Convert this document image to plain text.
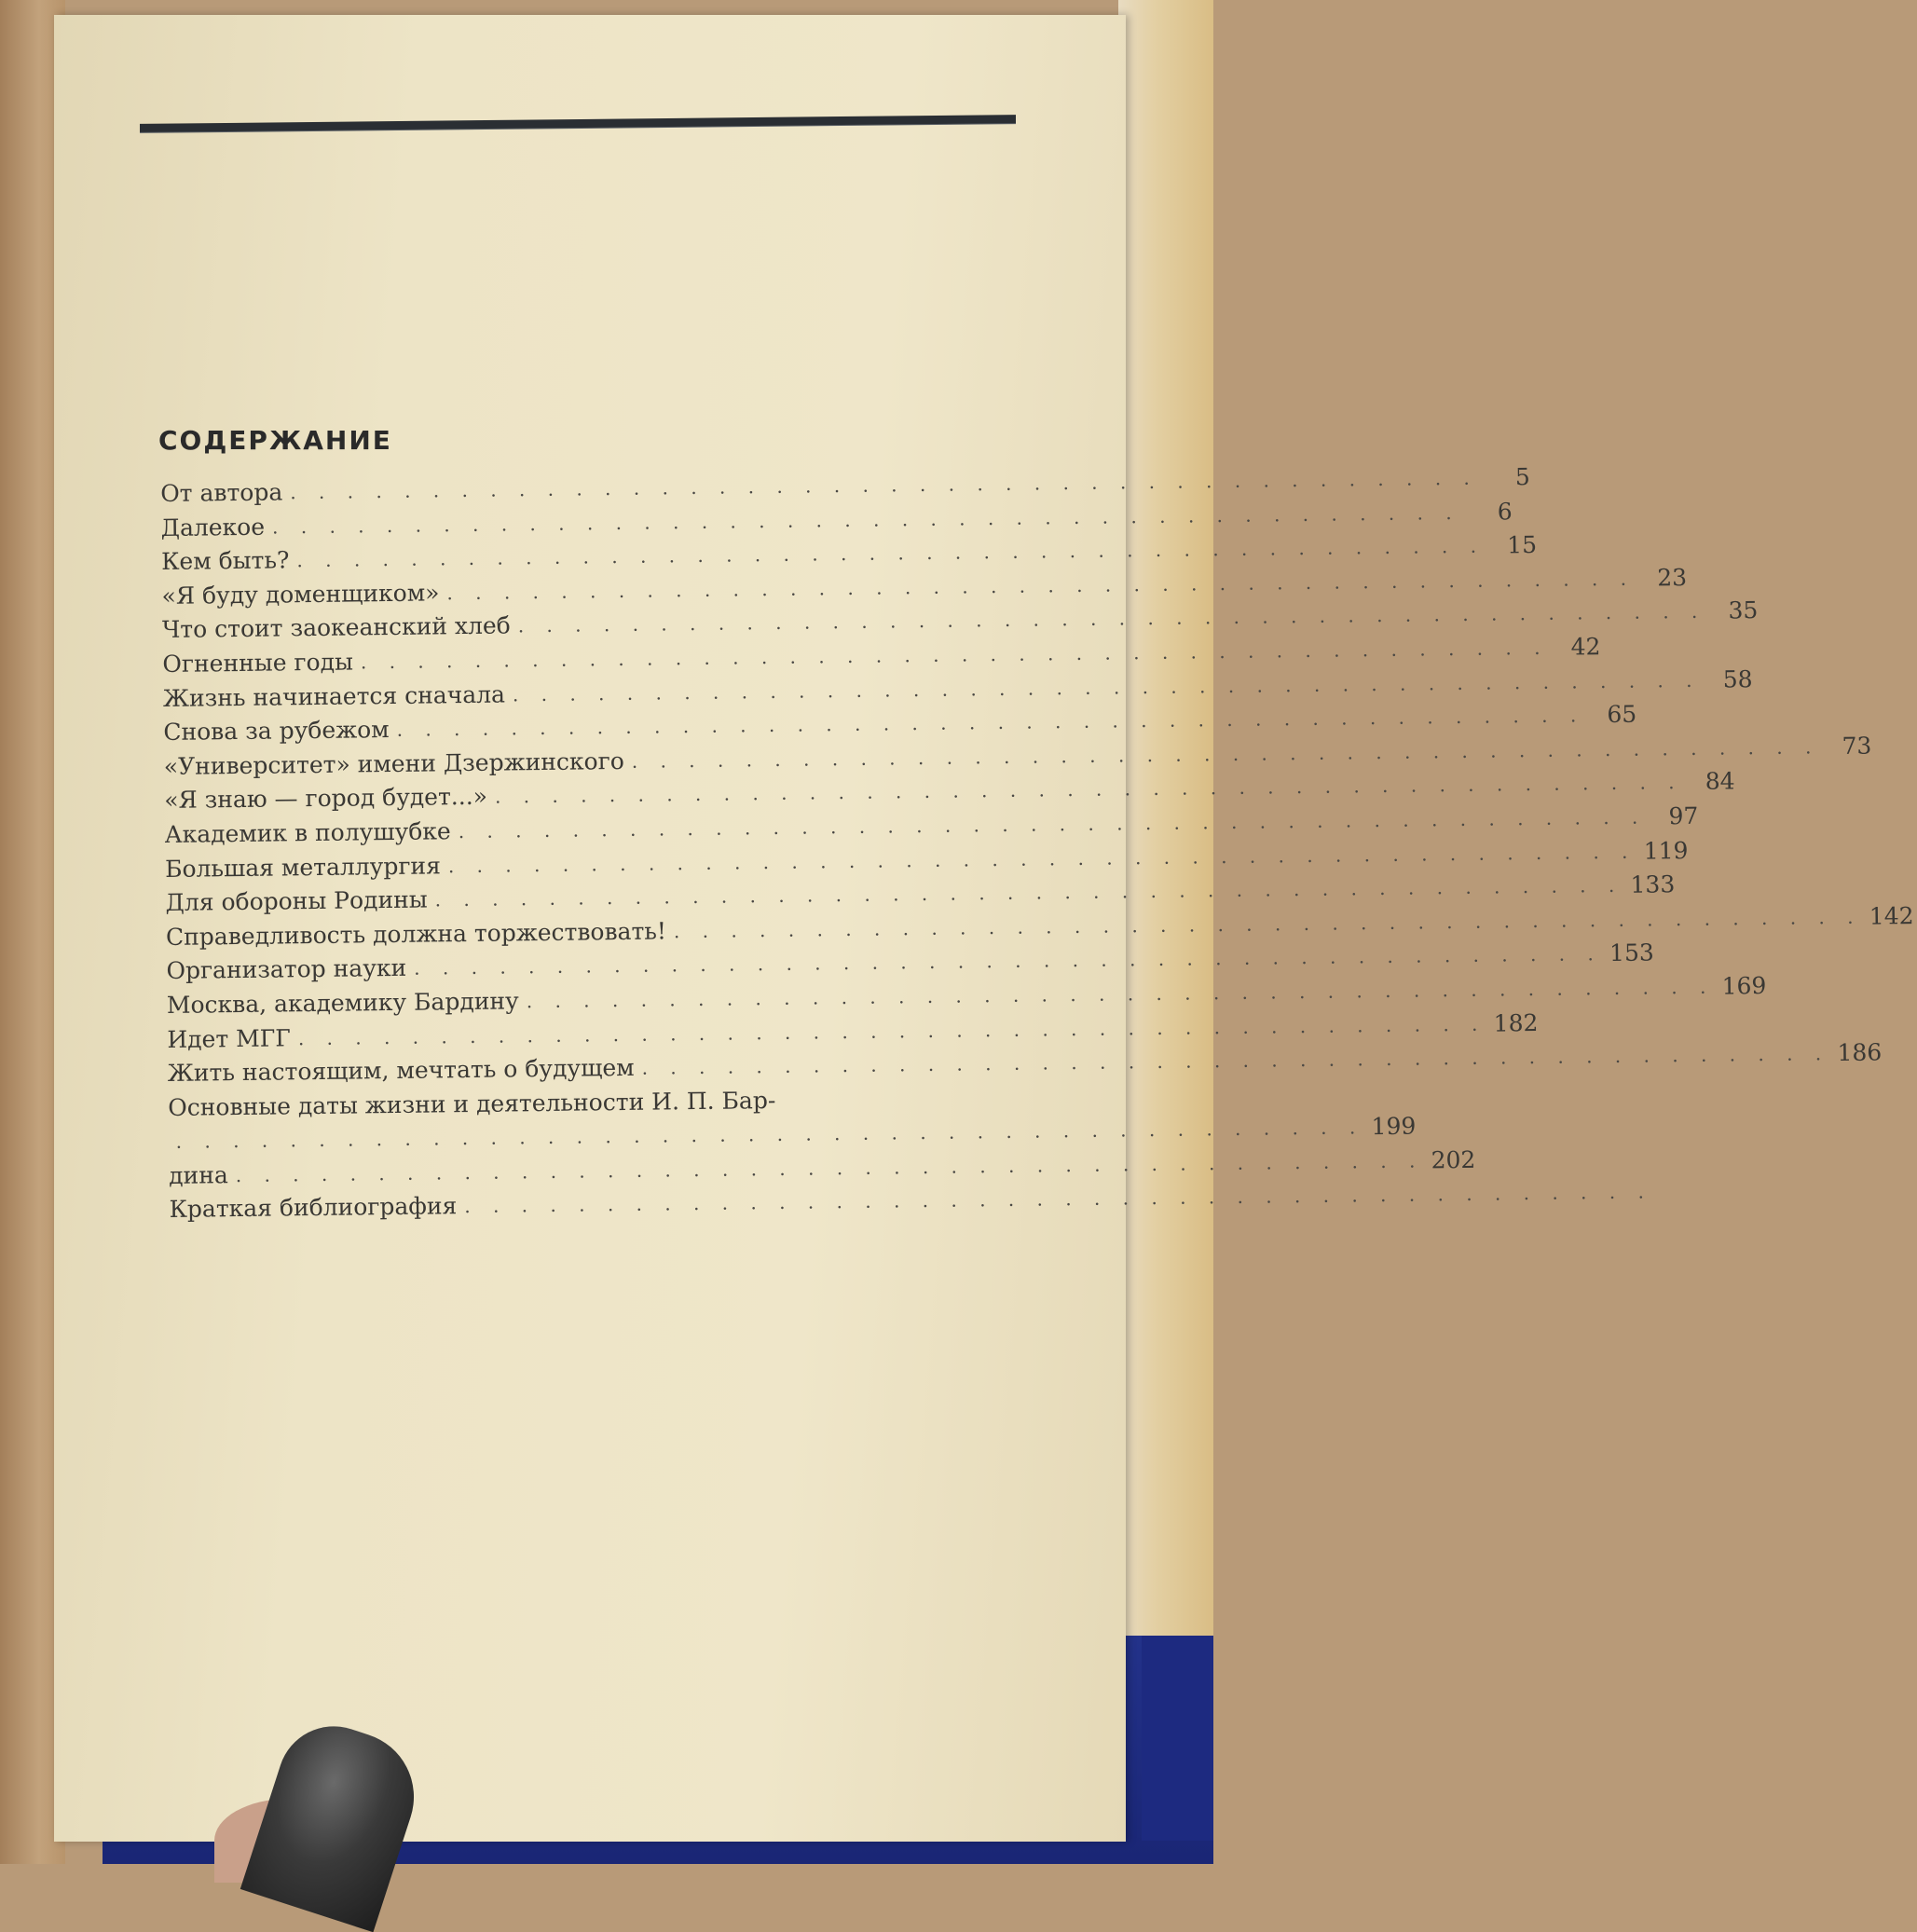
СОДЕРЖАНИЕ
От автора . . . . . . . . . . . . . . . . . . . . . . . . . . . . . . . . . . . . . . . . . .	5
Далекое . . . . . . . . . . . . . . . . . . . . . . . . . . . . . . . . . . . . . . . . . .	6
Кем быть? . . . . . . . . . . . . . . . . . . . . . . . . . . . . . . . . . . . . . . . . . . 15
«Я буду доменщиком» . . . . . . . . . . . . . . . . . . . . . . . . . . . . . . . . . . . . . . . . . . 23
Что стоит заокеанский хлеб . . . . . . . . . . . . . . . . . . . . . . . . . . . . . . . . . . . . . . . . . . 35
Огненные годы . . . . . . . . . . . . . . . . . . . . . . . . . . . . . . . . . . . . . . . . . . 42
Жизнь начинается сначала . . . . . . . . . . . . . . . . . . . . . . . . . . . . . . . . . . . . . . . . . . 58
Снова за рубежом . . . . . . . . . . . . . . . . . . . . . . . . . . . . . . . . . . . . . . . . . . 65
«Университет» имени Дзержинского . . . . . . . . . . . . . . . . . . . . . . . . . . . . . . . . . . . . . . . . . . 73
«Я знаю — город будет...» . . . . . . . . . . . . . . . . . . . . . . . . . . . . . . . . . . . . . . . . . . 84
Академик в полушубке . . . . . . . . . . . . . . . . . . . . . . . . . . . . . . . . . . . . . . . . . . 97
Большая металлургия . . . . . . . . . . . . . . . . . . . . . . . . . . . . . . . . . . . . . . . . . . 119
Для обороны Родины . . . . . . . . . . . . . . . . . . . . . . . . . . . . . . . . . . . . . . . . . . 133
Справедливость должна торжествовать! . . . . . . . . . . . . . . . . . . . . . . . . . . . . . . . . . . . . . . . . . . 142
Организатор науки . . . . . . . . . . . . . . . . . . . . . . . . . . . . . . . . . . . . . . . . . . 153
Москва, академику Бардину . . . . . . . . . . . . . . . . . . . . . . . . . . . . . . . . . . . . . . . . . . 169
Идет МГГ . . . . . . . . . . . . . . . . . . . . . . . . . . . . . . . . . . . . . . . . . . 182
Жить настоящим, мечтать о будущем . . . . . . . . . . . . . . . . . . . . . . . . . . . . . . . . . . . . . . . . . . 186
Основные даты жизни и деятельности И. П. Бар-
. . . . . . . . . . . . . . . . . . . . . . . . . . . . . . . . . . . . . . . . . . 199
дина . . . . . . . . . . . . . . . . . . . . . . . . . . . . . . . . . . . . . . . . . . 202
Краткая библиография . . . . . . . . . . . . . . . . . . . . . . . . . . . . . . . . . . . . . . . . . .
